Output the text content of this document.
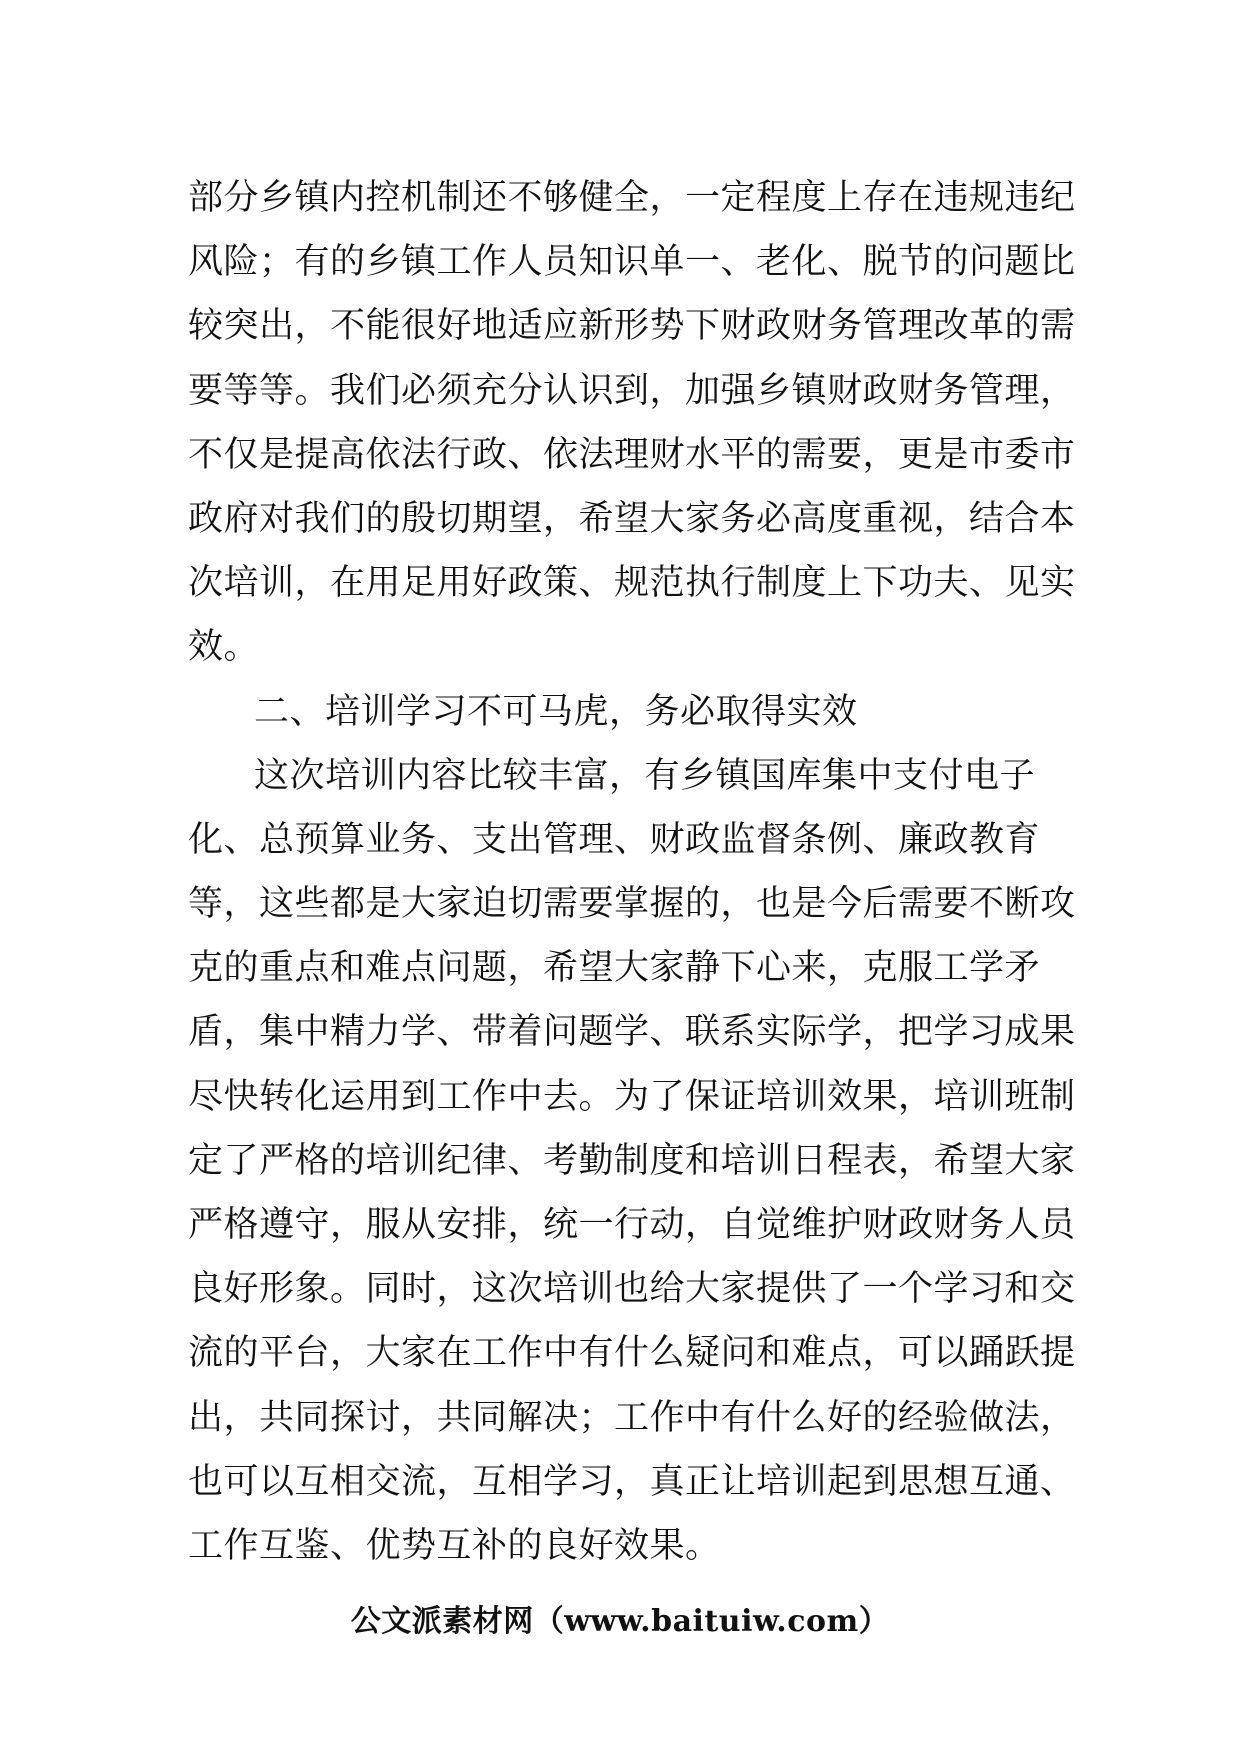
部分乡镇内控机制还不够健全，一定程度上存在违规违纪
风险；有的乡镇工作人员知识单一、老化、脱节的问题比
较突出，不能很好地适应新形势下财政财务管理改革的需
要等等。我们必须充分认识到，加强乡镇财政财务管理，
不仅是提高依法行政、依法理财水平的需要，更是市委市
政府对我们的殷切期望，希望大家务必高度重视，结合本
次培训，在用足用好政策、规范执行制度上下功夫、见实
效。
二、培训学习不可马虎，务必取得实效
这次培训内容比较丰富，有乡镇国库集中支付电子
化、总预算业务、支出管理、财政监督条例、廉政教育
等，这些都是大家迫切需要掌握的，也是今后需要不断攻
克的重点和难点问题，希望大家静下心来，克服工学矛
盾，集中精力学、带着问题学、联系实际学，把学习成果
尽快转化运用到工作中去。为了保证培训效果，培训班制
定了严格的培训纪律、考勤制度和培训日程表，希望大家
严格遵守，服从安排，统一行动，自觉维护财政财务人员
良好形象。同时，这次培训也给大家提供了一个学习和交
流的平台，大家在工作中有什么疑问和难点，可以踊跃提
出，共同探讨，共同解决；工作中有什么好的经验做法，
也可以互相交流，互相学习，真正让培训起到思想互通、
工作互鉴、优势互补的良好效果。
公文派素材网（www.baituiw.com）
